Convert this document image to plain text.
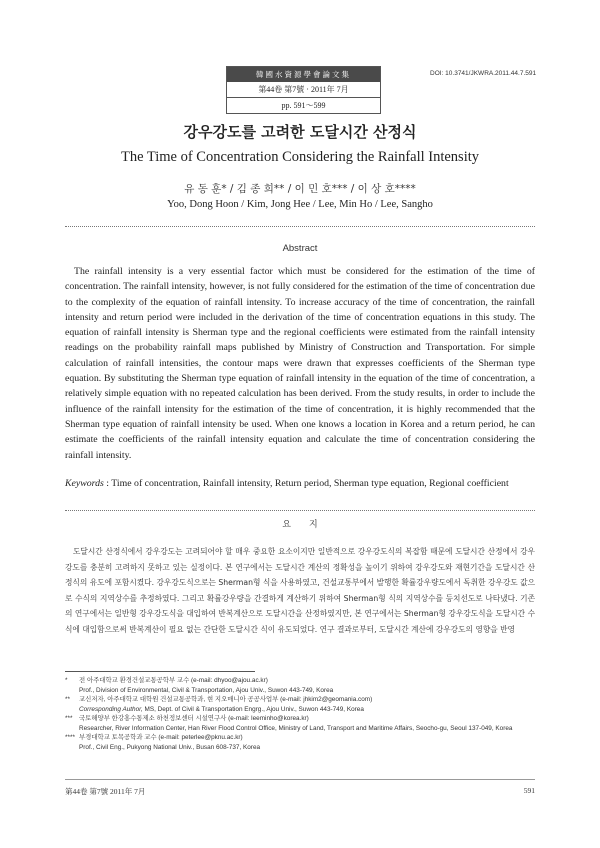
韓國水資源學會論文集
第44卷 第7號 · 2011年 7月
pp. 591～599
DOI: 10.3741/JKWRA.2011.44.7.591
강우강도를 고려한 도달시간 산정식
The Time of Concentration Considering the Rainfall Intensity
유 동 훈* / 김 종 희** / 이 민 호*** / 이 상 호****
Yoo, Dong Hoon / Kim, Jong Hee / Lee, Min Ho / Lee, Sangho
Abstract
The rainfall intensity is a very essential factor which must be considered for the estimation of the time of concentration. The rainfall intensity, however, is not fully considered for the estimation of the time of concentration due to the complexity of the equation of rainfall intensity. To increase accuracy of the time of concentration, the rainfall intensity and return period were included in the derivation of the time of concentration equations in this study. The equation of rainfall intensity is Sherman type and the regional coefficients were estimated from the rainfall intensity readings on the probability rainfall maps published by Ministry of Construction and Transportation. For simple calculation of rainfall intensities, the contour maps were drawn that expresses coefficients of the Sherman type equation. By substituting the Sherman type equation of rainfall intensity in the equation of the time of concentration, a relatively simple equation with no repeated calculation has been derived. From the study results, in order to include the influence of the rainfall intensity for the estimation of the time of concentration, it is highly recommended that the Sherman type equation of rainfall intensity be used. When one knows a location in Korea and a return period, he can estimate the coefficients of the rainfall intensity equation and calculate the time of concentration considering the rainfall intensity.
Keywords : Time of concentration, Rainfall intensity, Return period, Sherman type equation, Regional coefficient
요지
도달시간 산정식에서 강우강도는 고려되어야 할 매우 중요한 요소이지만 일반적으로 강우강도식의 복잡함 때문에 도달시간 산정에서 강우강도를 충분히 고려하지 못하고 있는 실정이다. 본 연구에서는 도달시간 계산의 정확성을 높이기 위하여 강우강도와 재현기간을 도달시간 산정식의 유도에 포함시켰다. 강우강도식으로는 Sherman형 식을 사용하였고, 건설교통부에서 발행한 확률강우량도에서 독취한 강우강도 값으로 수식의 지역상수를 추정하였다. 그리고 확률강우량을 간결하게 계산하기 위하여 Sherman형 식의 지역상수를 등치선도로 나타냈다. 기존의 연구에서는 일반형 강우강도식을 대입하여 반복계산으로 도달시간을 산정하였지만, 본 연구에서는 Sherman형 강우강도식을 도달시간 수식에 대입함으로써 반복계산이 필요 없는 간단한 도달시간 식이 유도되었다. 연구 결과로부터, 도달시간 계산에 강우강도의 영향을 반영
*	전 아주대학교 환경건설교통공학부 교수 (e-mail: dhyoo@ajou.ac.kr)
Prof., Division of Environmental, Civil & Transportation, Ajou Univ., Suwon 443-749, Korea
**	교신저자, 아주대학교 대학원 건설교통공학과, 현 지오매니아 공공사업부 (e-mail: jhkim2@geomania.com)
Corresponding Author, MS, Dept. of Civil & Transportation Engrg., Ajou Univ., Suwon 443-749, Korea
***	국토해양부 한강홍수통제소 하천정보센터 시설연구사 (e-mail: leeminho@korea.kr)
Researcher, River Information Center, Han River Flood Control Office, Ministry of Land, Transport and Maritime Affairs, Seocho-gu, Seoul 137-049, Korea
**** 부경대학교 토목공학과 교수 (e-mail: peterlee@pknu.ac.kr)
Prof., Civil Eng., Pukyong National Univ., Busan 608-737, Korea
第44卷 第7號 2011年 7月	591
